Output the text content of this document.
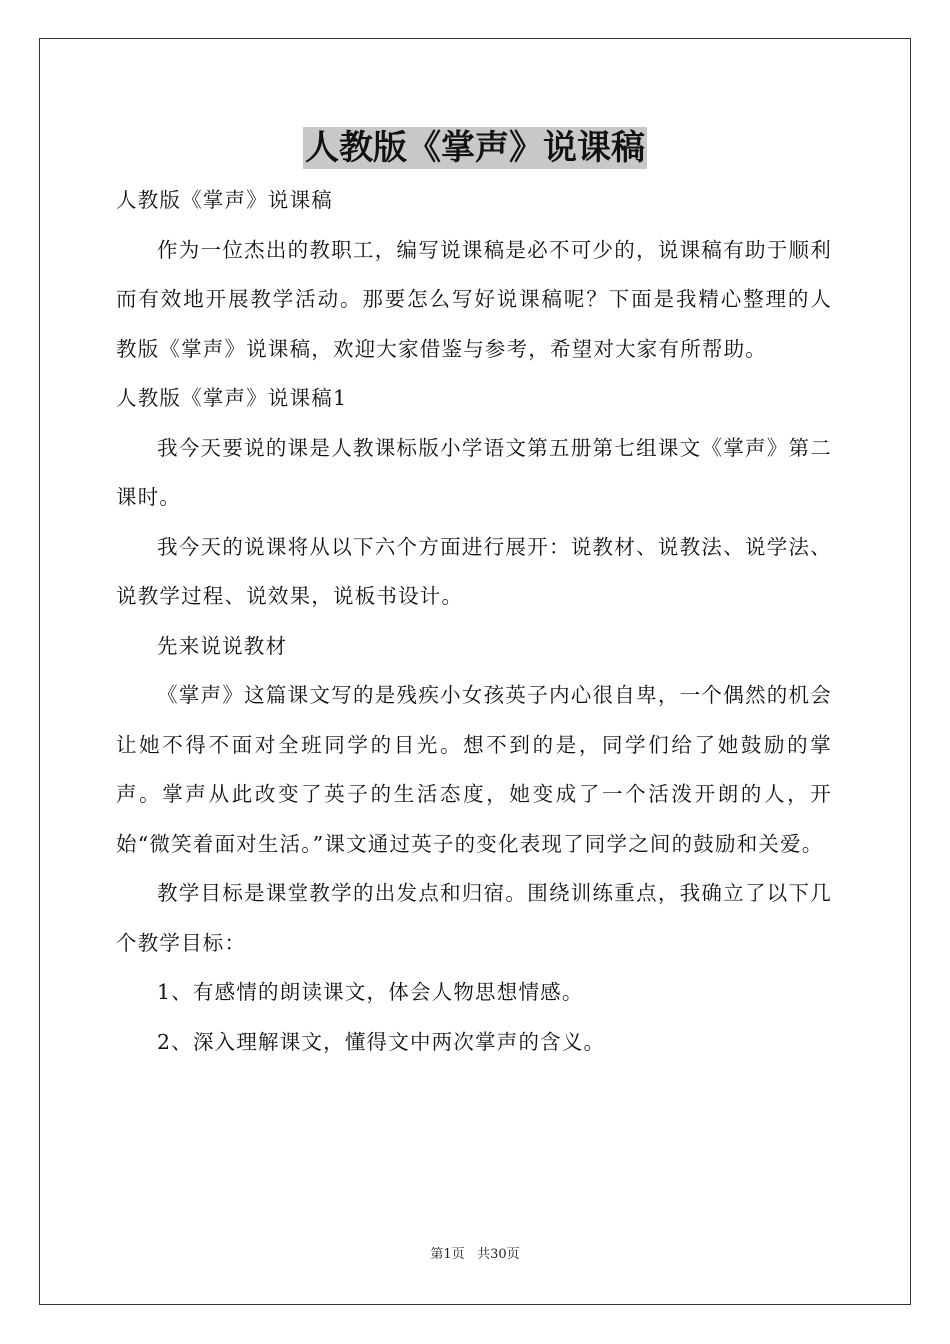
人教版《掌声》说课稿

人教版《掌声》说课稿

作为一位杰出的教职工，编写说课稿是必不可少的，说课稿有助于顺利而有效地开展教学活动。那要怎么写好说课稿呢？下面是我精心整理的人教版《掌声》说课稿，欢迎大家借鉴与参考，希望对大家有所帮助。

人教版《掌声》说课稿1

我今天要说的课是人教课标版小学语文第五册第七组课文《掌声》第二课时。

我今天的说课将从以下六个方面进行展开：说教材、说教法、说学法、说教学过程、说效果，说板书设计。

先来说说教材

《掌声》这篇课文写的是残疾小女孩英子内心很自卑，一个偶然的机会让她不得不面对全班同学的目光。想不到的是，同学们给了她鼓励的掌声。掌声从此改变了英子的生活态度，她变成了一个活泼开朗的人，开始“微笑着面对生活。”课文通过英子的变化表现了同学之间的鼓励和关爱。

教学目标是课堂教学的出发点和归宿。围绕训练重点，我确立了以下几个教学目标：

1、有感情的朗读课文，体会人物思想情感。

2、深入理解课文，懂得文中两次掌声的含义。

第1页 共30页
